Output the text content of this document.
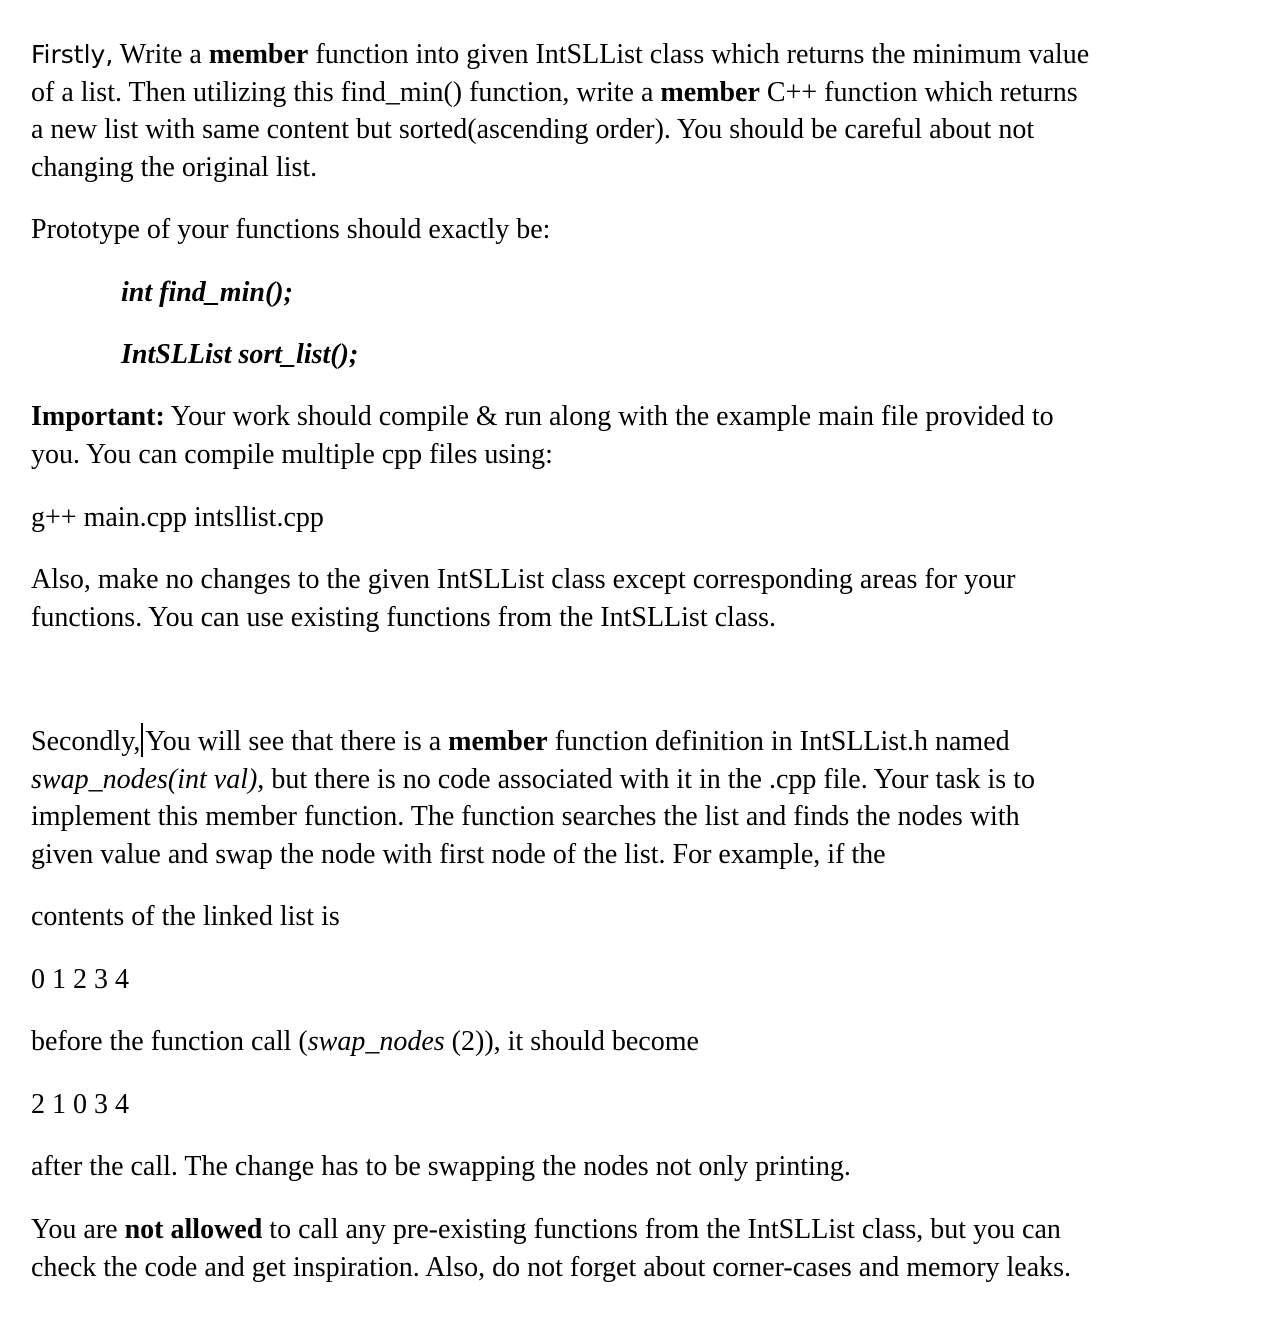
Firstly, Write a member function into given IntSLList class which returns the minimum value
of a list. Then utilizing this find_min() function, write a member C++ function which returns
a new list with same content but sorted(ascending order). You should be careful about not
changing the original list.
Prototype of your functions should exactly be:
int find_min();
IntSLList sort_list();
Important: Your work should compile & run along with the example main file provided to
you. You can compile multiple cpp files using:
g++ main.cpp intsllist.cpp
Also, make no changes to the given IntSLList class except corresponding areas for your
functions. You can use existing functions from the IntSLList class.
Secondly, You will see that there is a member function definition in IntSLList.h named
swap_nodes(int val), but there is no code associated with it in the .cpp file. Your task is to
implement this member function. The function searches the list and finds the nodes with
given value and swap the node with first node of the list. For example, if the
contents of the linked list is
0 1 2 3 4
before the function call (swap_nodes (2)), it should become
2 1 0 3 4
after the call. The change has to be swapping the nodes not only printing.
You are not allowed to call any pre-existing functions from the IntSLList class, but you can
check the code and get inspiration. Also, do not forget about corner-cases and memory leaks.
